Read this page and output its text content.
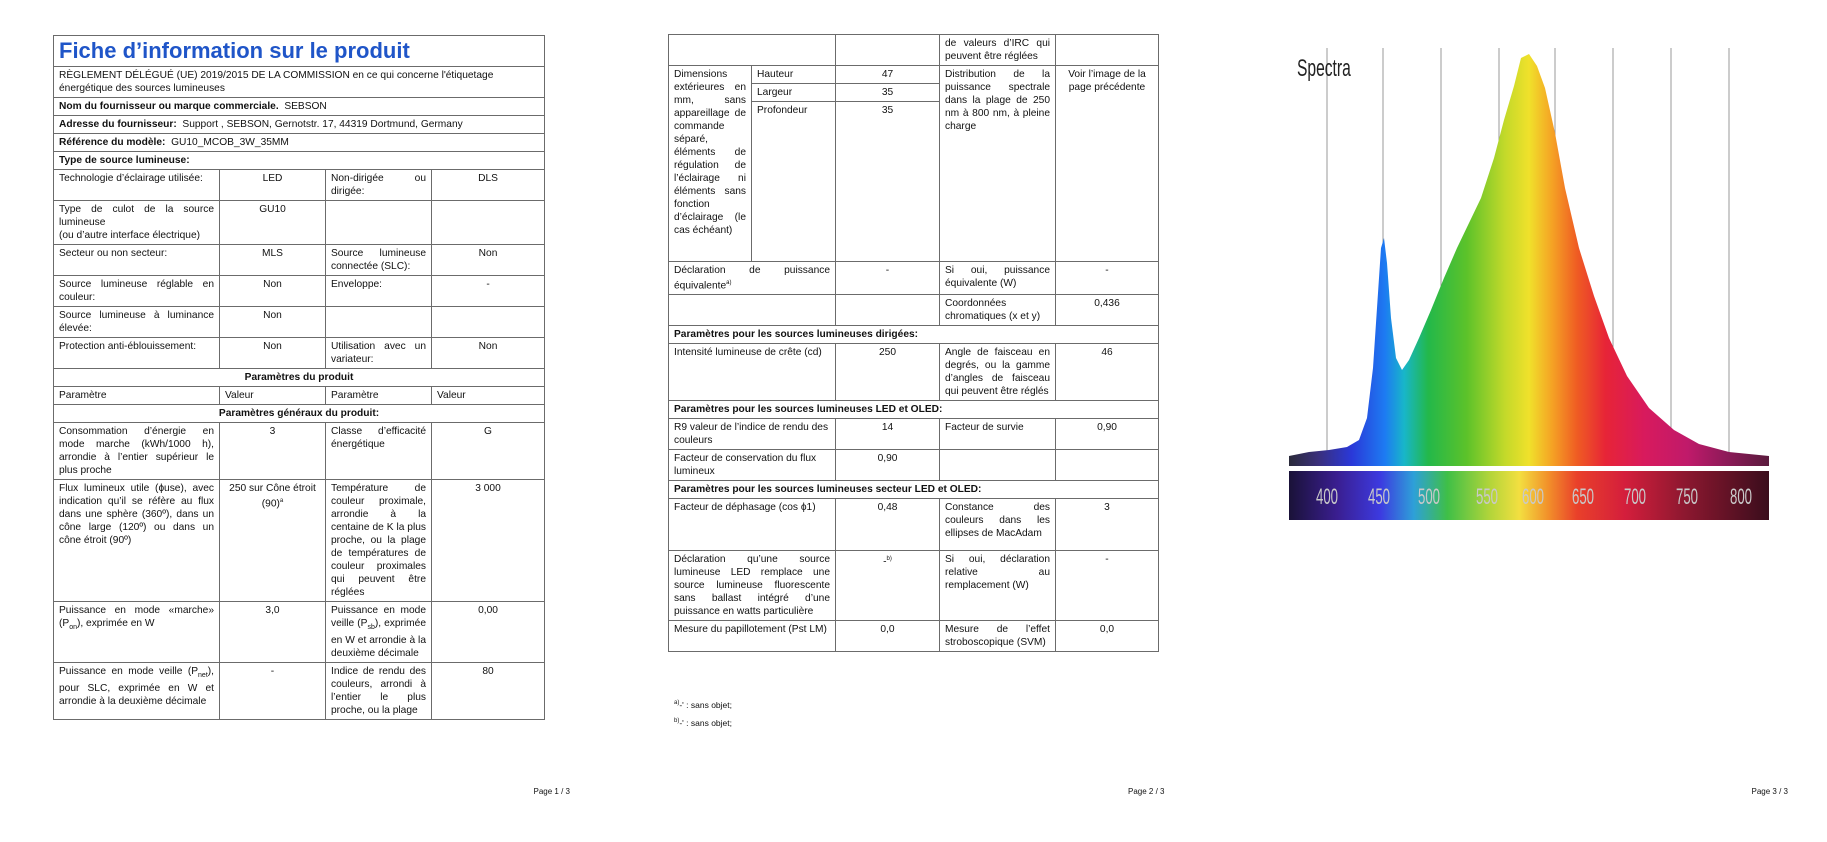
Fiche d’information sur le produit			
RÈGLEMENT DÉLÉGUÉ (UE) 2019/2015 DE LA COMMISSION en ce qui concerne l'étiquetage énergétique des sources lumineuses			
Nom du fournisseur ou marque commerciale. SEBSON			
Adresse du fournisseur: Support , SEBSON, Gernotstr. 17, 44319 Dortmund, Germany			
Référence du modèle: GU10_MCOB_3W_35MM			
Type de source lumineuse:			
Technologie d’éclairage utilisée:	LED	Non-dirigée ou dirigée:	DLS
Type de culot de la source lumineuse
(ou d’autre interface électrique)	GU10		
Secteur ou non secteur:	MLS	Source lumineuse connectée (SLC):	Non
Source lumineuse réglable en couleur:	Non	Enveloppe:	-
Source lumineuse à luminance élevée:	Non		
Protection anti-éblouissement:	Non	Utilisation avec un variateur:	Non
Paramètres du produit			
Paramètre	Valeur	Paramètre	Valeur
Paramètres généraux du produit:			
Consommation d’énergie en mode marche (kWh/1000 h), arrondie à l’entier supérieur le plus proche	3	Classe d’efficacité énergétique	G
Flux lumineux utile (ɸuse), avec indication qu’il se réfère au flux dans une sphère (360º), dans un cône large (120º) ou dans un cône étroit (90º)	250 sur Cône étroit $(90)^a$	Température de couleur proximale, arrondie à la centaine de K la plus proche, ou la plage de températures de couleur proximales qui peuvent être réglées	3 000
Puissance en mode «marche» $(P_{on})$, exprimée en W	3,0	Puissance en mode veille $(P_{sb})$, exprimée en W et arrondie à la deuxième décimale	0,00
Puissance en mode veille $(P_{net})$, pour SLC, exprimée en W et arrondie à la deuxième décimale	-	Indice de rendu des couleurs, arrondi à l’entier le plus proche, ou la plage	80
Page 1 / 3
			de valeurs d’IRC qui peuvent être réglées	
Dimensions extérieures en mm, sans appareillage de commande séparé, éléments de régulation de l’éclairage ni éléments sans fonction d’éclairage (le cas échéant)	Hauteur	47	Distribution de la puissance spectrale dans la plage de 250 nm à 800 nm, à pleine charge	Voir l’image de la page précédente
	Largeur	35		
	Profondeur	35		
Déclaration de puissance équivalente$^{a)}$		-	Si oui, puissance équivalente (W)	-
			Coordonnées chromatiques (x et y)	0,436
Paramètres pour les sources lumineuses dirigées:				
Intensité lumineuse de crête (cd)		250	Angle de faisceau en degrés, ou la gamme d’angles de faisceau qui peuvent être réglés	46
Paramètres pour les sources lumineuses LED et OLED:				
R9 valeur de l’indice de rendu des couleurs		14	Facteur de survie	0,90
Facteur de conservation du flux lumineux		0,90		
Paramètres pour les sources lumineuses secteur LED et OLED:				
Facteur de déphasage (cos ϕ1)		0,48	Constance des couleurs dans les ellipses de MacAdam	3
Déclaration qu’une source lumineuse LED remplace une source lumineuse fluorescente sans ballast intégré d’une puissance en watts particulière		-$^{b)}$	Si oui, déclaration relative au remplacement (W)	-
Mesure du papillotement (Pst LM)		0,0	Mesure de l’effet stroboscopique (SVM)	0,0
$^{a)}$-' : sans objet;
$^{b)}$-' : sans objet;
Page 2 / 3	Page 3 / 3
400 450 500 550 600 650 700 750 800
Spectra
